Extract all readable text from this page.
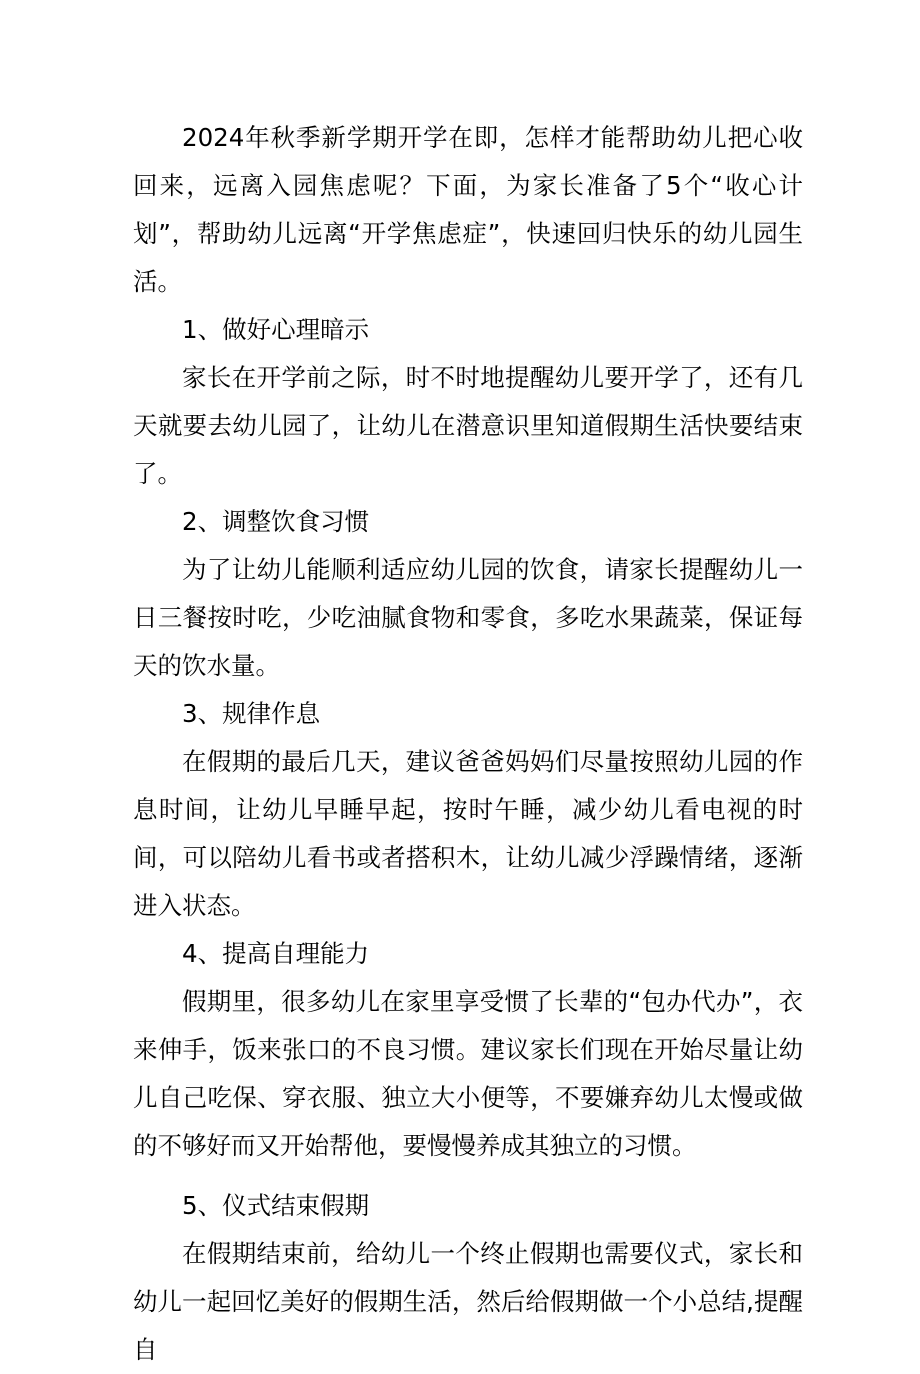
2024年秋季新学期开学在即，怎样才能帮助幼儿把心收回来，远离入园焦虑呢？下面，为家长准备了5个“收心计划”，帮助幼儿远离“开学焦虑症”，快速回归快乐的幼儿园生活。

1、做好心理暗示

家长在开学前之际，时不时地提醒幼儿要开学了，还有几天就要去幼儿园了，让幼儿在潜意识里知道假期生活快要结束了。

2、调整饮食习惯

为了让幼儿能顺利适应幼儿园的饮食，请家长提醒幼儿一日三餐按时吃，少吃油腻食物和零食，多吃水果蔬菜，保证每天的饮水量。

3、规律作息

在假期的最后几天，建议爸爸妈妈们尽量按照幼儿园的作息时间，让幼儿早睡早起，按时午睡，减少幼儿看电视的时间，可以陪幼儿看书或者搭积木，让幼儿减少浮躁情绪，逐渐进入状态。

4、提高自理能力

假期里，很多幼儿在家里享受惯了长辈的“包办代办”，衣来伸手，饭来张口的不良习惯。建议家长们现在开始尽量让幼儿自己吃保、穿衣服、独立大小便等，不要嫌弃幼儿太慢或做的不够好而又开始帮他，要慢慢养成其独立的习惯。

5、仪式结束假期

在假期结束前，给幼儿一个终止假期也需要仪式，家长和幼儿一起回忆美好的假期生活，然后给假期做一个小总结,提醒自
